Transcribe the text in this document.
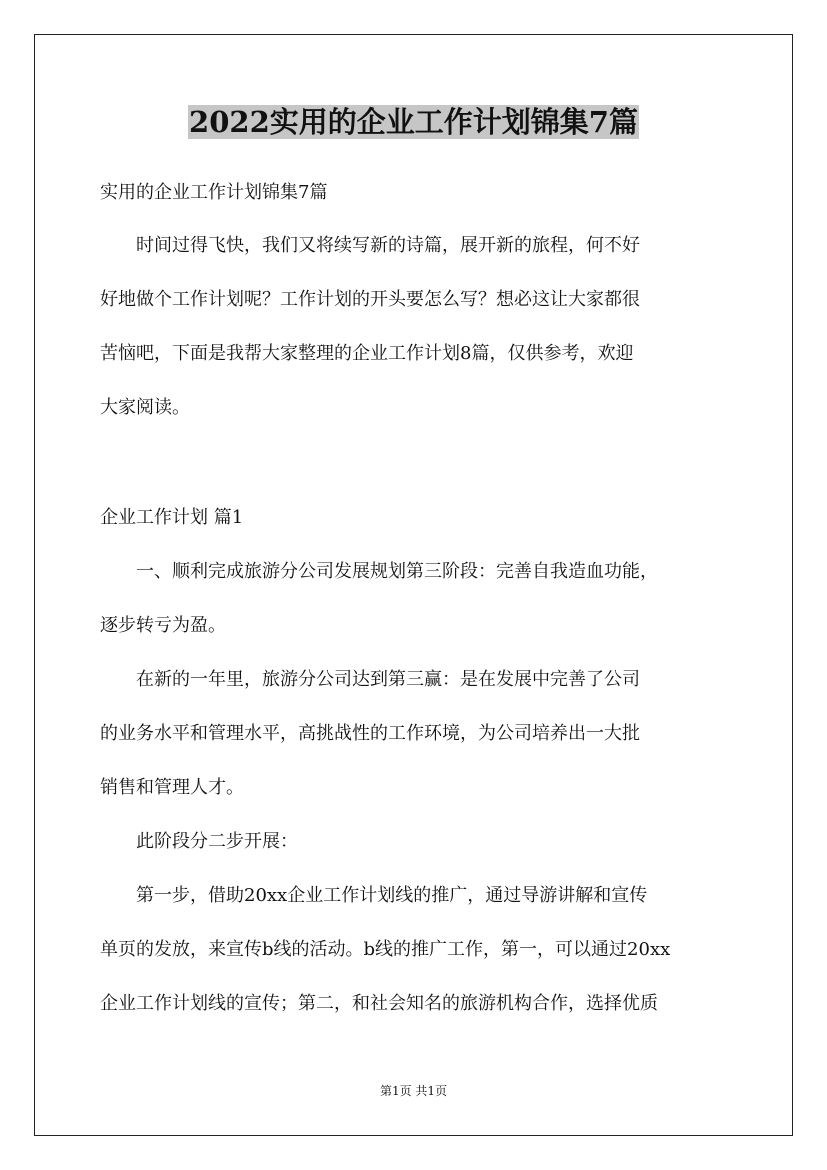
2022实用的企业工作计划锦集7篇

实用的企业工作计划锦集7篇

　　时间过得飞快，我们又将续写新的诗篇，展开新的旅程，何不好

好地做个工作计划呢？工作计划的开头要怎么写？想必这让大家都很

苦恼吧，下面是我帮大家整理的企业工作计划8篇，仅供参考，欢迎

大家阅读。

企业工作计划 篇1

　　一、顺利完成旅游分公司发展规划第三阶段：完善自我造血功能，

逐步转亏为盈。

　　在新的一年里，旅游分公司达到第三赢：是在发展中完善了公司

的业务水平和管理水平，高挑战性的工作环境，为公司培养出一大批

销售和管理人才。

　　此阶段分二步开展：

　　第一步，借助20xx企业工作计划线的推广，通过导游讲解和宣传

单页的发放，来宣传b线的活动。b线的推广工作，第一，可以通过20xx

企业工作计划线的宣传；第二，和社会知名的旅游机构合作，选择优质

第1页 共1页
